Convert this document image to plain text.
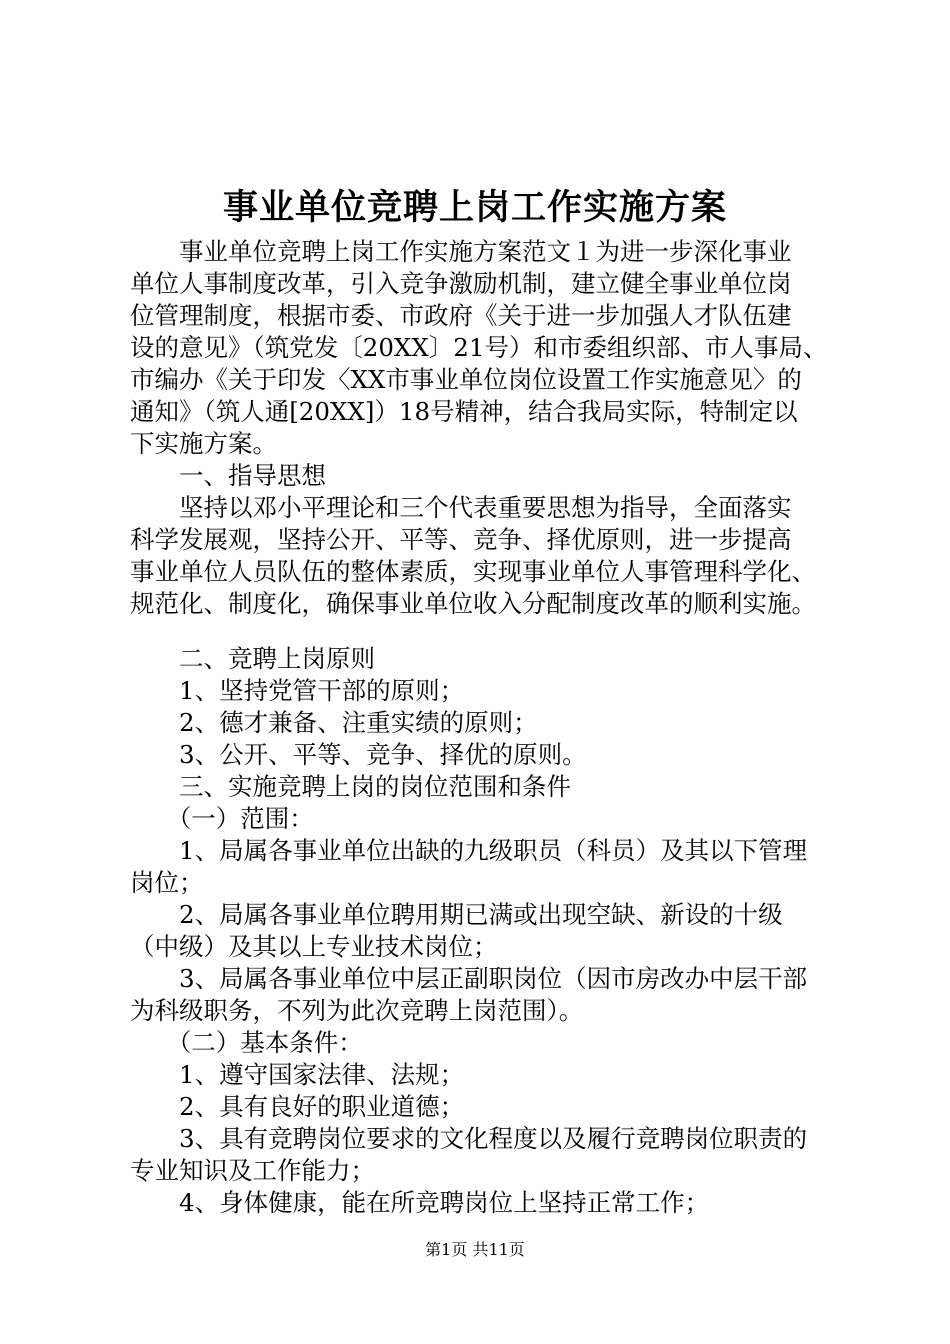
事业单位竞聘上岗工作实施方案
　　事业单位竞聘上岗工作实施方案范文１为进一步深化事业
单位人事制度改革，引入竞争激励机制，建立健全事业单位岗
位管理制度，根据市委、市政府《关于进一步加强人才队伍建
设的意见》（筑党发〔20XX〕21号）和市委组织部、市人事局、
市编办《关于印发〈XX市事业单位岗位设置工作实施意见〉的
通知》（筑人通[20XX]）18号精神，结合我局实际，特制定以
下实施方案。
　　一、指导思想
　　坚持以邓小平理论和三个代表重要思想为指导，全面落实
科学发展观，坚持公开、平等、竞争、择优原则，进一步提高
事业单位人员队伍的整体素质，实现事业单位人事管理科学化、
规范化、制度化，确保事业单位收入分配制度改革的顺利实施。
　　二、竞聘上岗原则
　　1、坚持党管干部的原则；
　　2、德才兼备、注重实绩的原则；
　　3、公开、平等、竞争、择优的原则。
　　三、实施竞聘上岗的岗位范围和条件
　　（一）范围：
　　1、局属各事业单位出缺的九级职员（科员）及其以下管理
岗位；
　　2、局属各事业单位聘用期已满或出现空缺、新设的十级
（中级）及其以上专业技术岗位；
　　3、局属各事业单位中层正副职岗位（因市房改办中层干部
为科级职务，不列为此次竞聘上岗范围）。
　　（二）基本条件：
　　1、遵守国家法律、法规；
　　2、具有良好的职业道德；
　　3、具有竞聘岗位要求的文化程度以及履行竞聘岗位职责的
专业知识及工作能力；
　　4、身体健康，能在所竞聘岗位上坚持正常工作；
第1页 共11页
